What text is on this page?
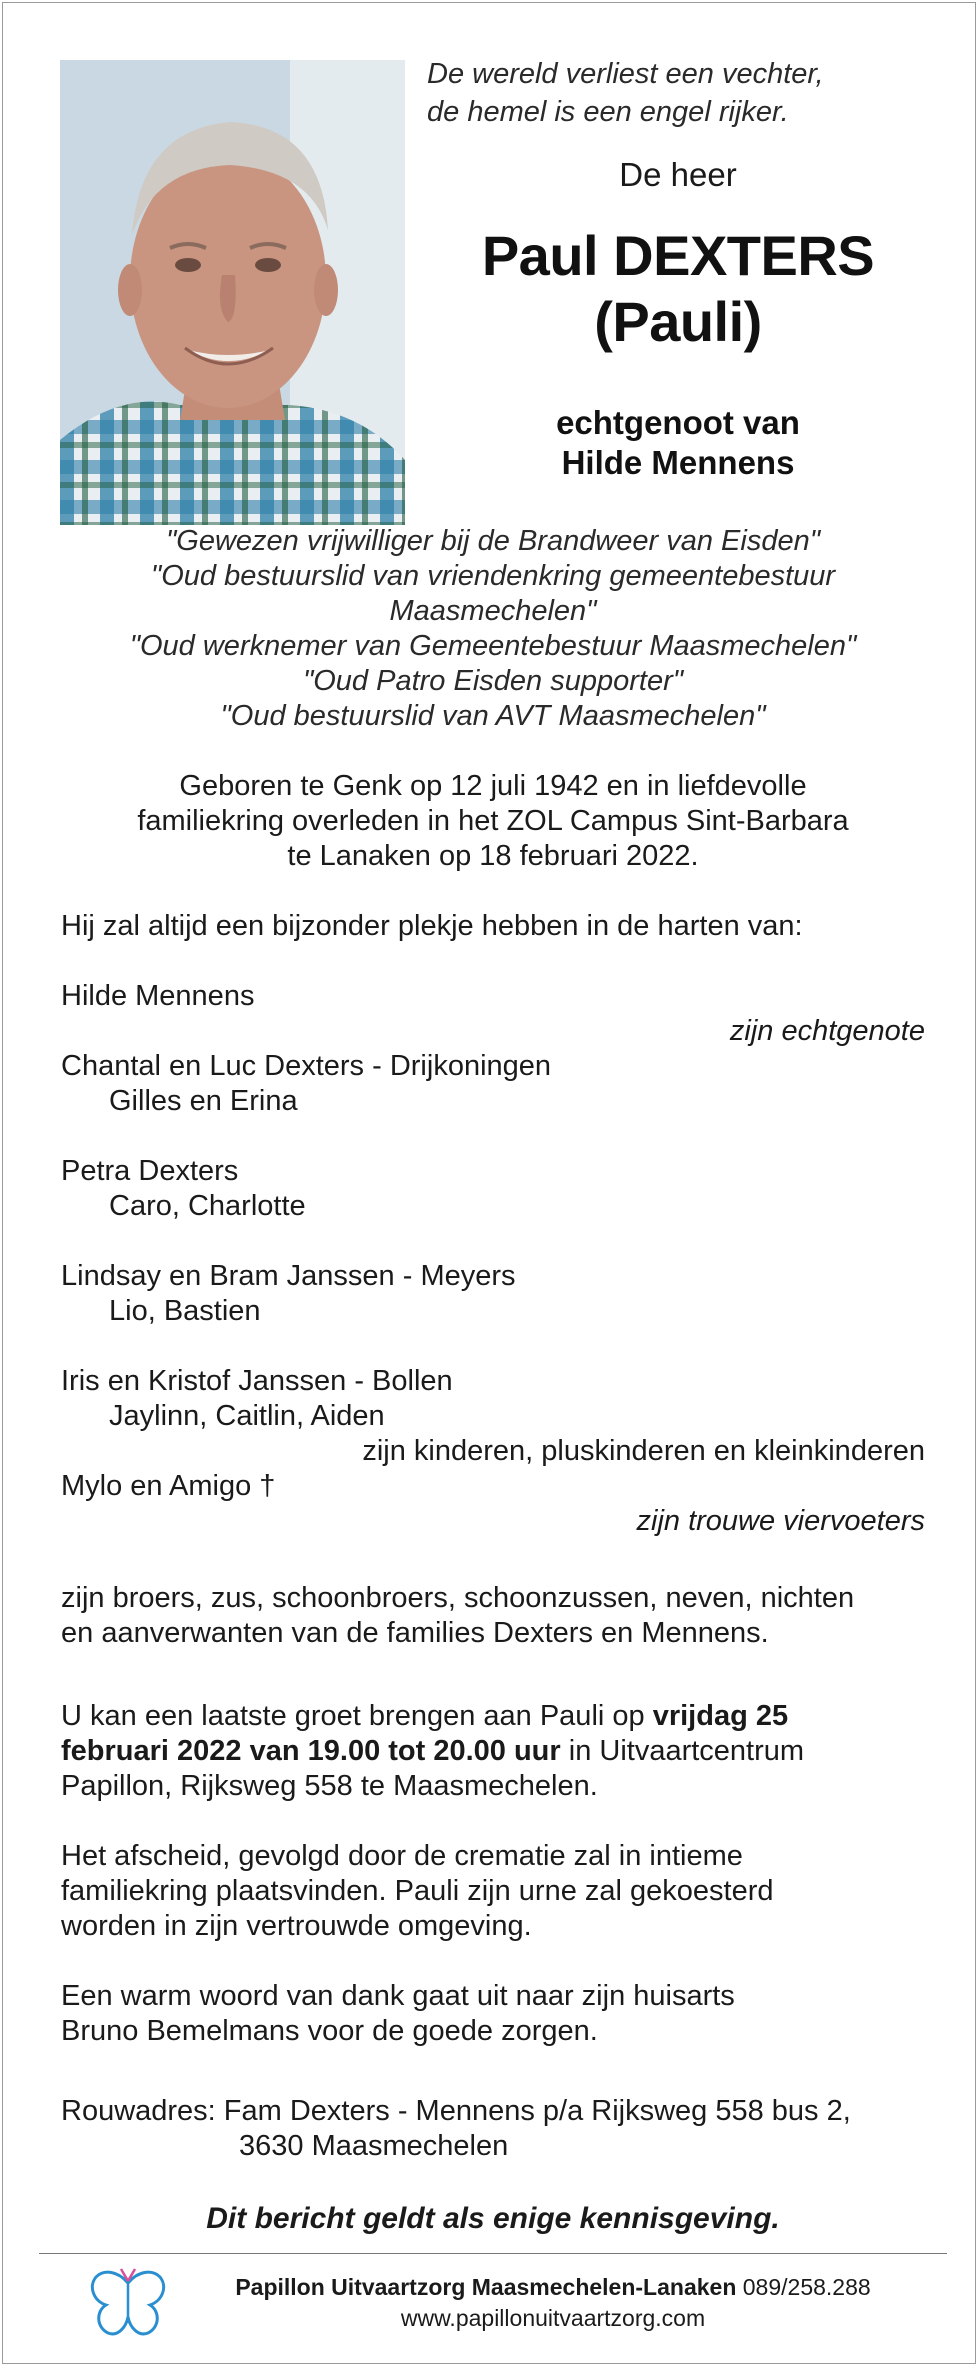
De wereld verliest een vechter,
de hemel is een engel rijker.
De heer
Paul DEXTERS
(Pauli)
echtgenoot van
Hilde Mennens
"Gewezen vrijwilliger bij de Brandweer van Eisden"
"Oud bestuurslid van vriendenkring gemeentebestuur
Maasmechelen"
"Oud werknemer van Gemeentebestuur Maasmechelen"
"Oud Patro Eisden supporter"
"Oud bestuurslid van AVT Maasmechelen"
Geboren te Genk op 12 juli 1942 en in liefdevolle
familiekring overleden in het ZOL Campus Sint-Barbara
te Lanaken op 18 februari 2022.
Hij zal altijd een bijzonder plekje hebben in de harten van:
Hilde Mennens
zijn echtgenote
Chantal en Luc Dexters - Drijkoningen
Gilles en Erina
Petra Dexters
Caro, Charlotte
Lindsay en Bram Janssen - Meyers
Lio, Bastien
Iris en Kristof Janssen - Bollen
Jaylinn, Caitlin, Aiden
zijn kinderen, pluskinderen en kleinkinderen
Mylo en Amigo †
zijn trouwe viervoeters
zijn broers, zus, schoonbroers, schoonzussen, neven, nichten
en aanverwanten van de families Dexters en Mennens.
U kan een laatste groet brengen aan Pauli op vrijdag 25
februari 2022 van 19.00 tot 20.00 uur in Uitvaartcentrum
Papillon, Rijksweg 558 te Maasmechelen.
Het afscheid, gevolgd door de crematie zal in intieme
familiekring plaatsvinden. Pauli zijn urne zal gekoesterd
worden in zijn vertrouwde omgeving.
Een warm woord van dank gaat uit naar zijn huisarts
Bruno Bemelmans voor de goede zorgen.
Rouwadres: Fam Dexters - Mennens p/a Rijksweg 558 bus 2,
3630 Maasmechelen
Dit bericht geldt als enige kennisgeving.
Papillon Uitvaartzorg Maasmechelen-Lanaken 089/258.288
www.papillonuitvaartzorg.com
